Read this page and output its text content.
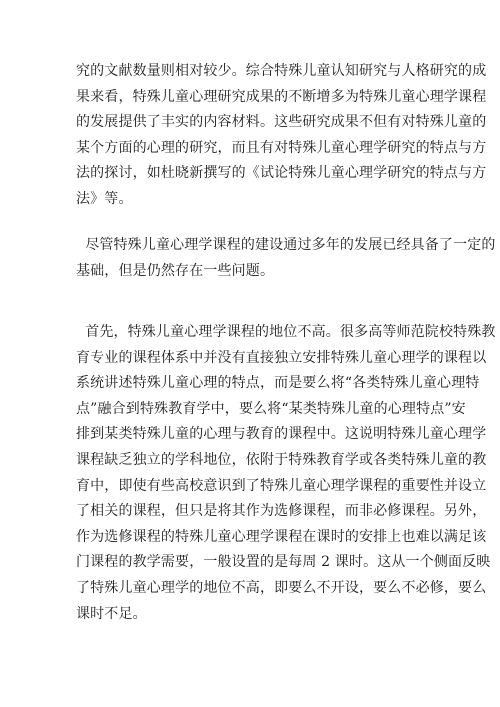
究的文献数量则相对较少。综合特殊儿童认知研究与人格研究的成
果来看，特殊儿童心理研究成果的不断增多为特殊儿童心理学课程
的发展提供了丰实的内容材料。这些研究成果不但有对特殊儿童的
某个方面的心理的研究，而且有对特殊儿童心理学研究的特点与方
法的探讨，如杜晓新撰写的《试论特殊儿童心理学研究的特点与方
法》等。

尽管特殊儿童心理学课程的建设通过多年的发展已经具备了一定的
基础，但是仍然存在一些问题。

首先，特殊儿童心理学课程的地位不高。很多高等师范院校特殊教
育专业的课程体系中并没有直接独立安排特殊儿童心理学的课程以
系统讲述特殊儿童心理的特点，而是要么将“各类特殊儿童心理特
点”融合到特殊教育学中，要么将“某类特殊儿童的心理特点”安
排到某类特殊儿童的心理与教育的课程中。这说明特殊儿童心理学
课程缺乏独立的学科地位，依附于特殊教育学或各类特殊儿童的教
育中，即使有些高校意识到了特殊儿童心理学课程的重要性并设立
了相关的课程，但只是将其作为选修课程，而非必修课程。另外，
作为选修课程的特殊儿童心理学课程在课时的安排上也难以满足该
门课程的教学需要，一般设置的是每周 2 课时。这从一个侧面反映
了特殊儿童心理学的地位不高，即要么不开设，要么不必修，要么
课时不足。
